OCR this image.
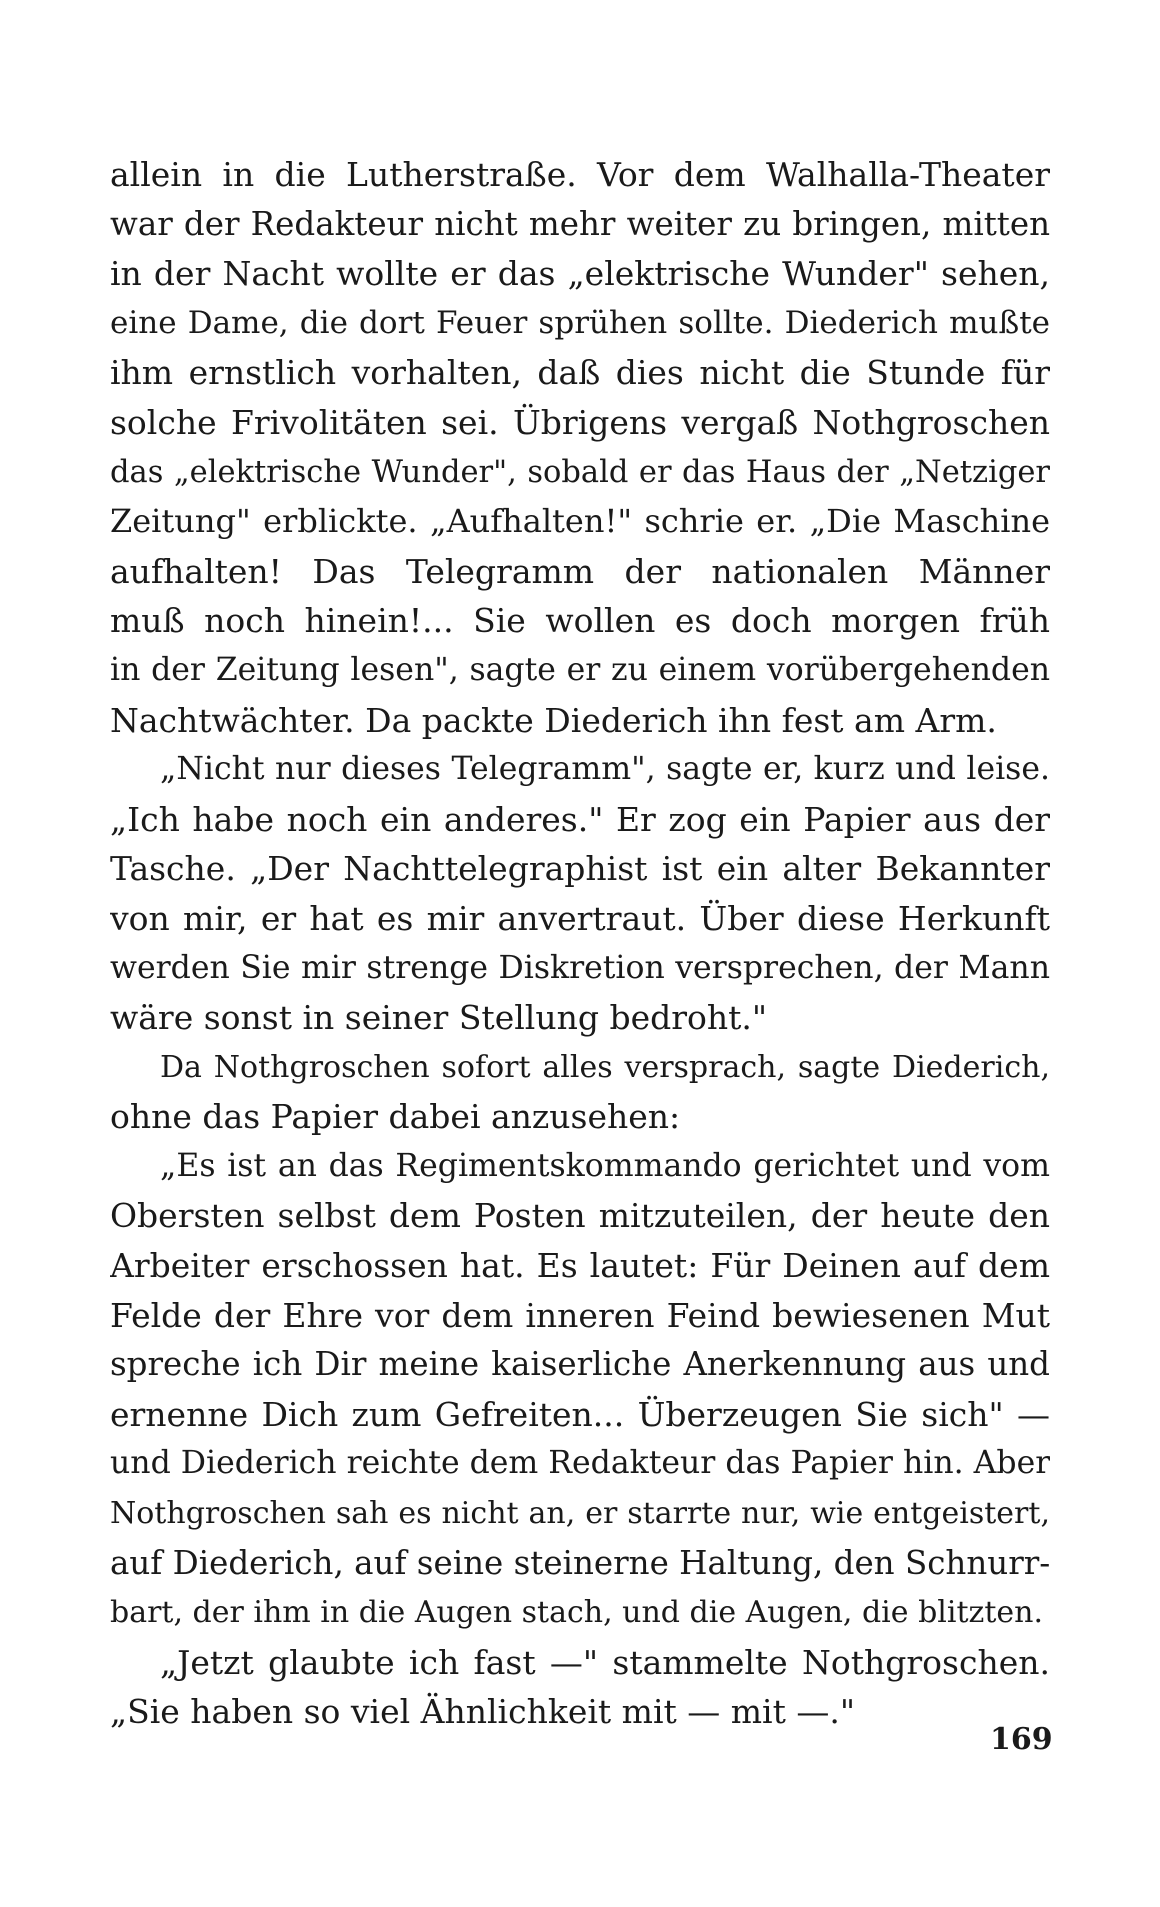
allein in die Lutherstraße. Vor dem Walhalla-Theater
war der Redakteur nicht mehr weiter zu bringen, mitten
in der Nacht wollte er das „elektrische Wunder" sehen,
eine Dame, die dort Feuer sprühen sollte. Diederich mußte
ihm ernstlich vorhalten, daß dies nicht die Stunde für
solche Frivolitäten sei. Übrigens vergaß Nothgroschen
das „elektrische Wunder", sobald er das Haus der „Netziger
Zeitung" erblickte. „Aufhalten!" schrie er. „Die Maschine
aufhalten! Das Telegramm der nationalen Männer
muß noch hinein!... Sie wollen es doch morgen früh
in der Zeitung lesen", sagte er zu einem vorübergehenden
Nachtwächter. Da packte Diederich ihn fest am Arm.
„Nicht nur dieses Telegramm", sagte er, kurz und leise.
„Ich habe noch ein anderes." Er zog ein Papier aus der
Tasche. „Der Nachttelegraphist ist ein alter Bekannter
von mir, er hat es mir anvertraut. Über diese Herkunft
werden Sie mir strenge Diskretion versprechen, der Mann
wäre sonst in seiner Stellung bedroht."
Da Nothgroschen sofort alles versprach, sagte Diederich,
ohne das Papier dabei anzusehen:
„Es ist an das Regimentskommando gerichtet und vom
Obersten selbst dem Posten mitzuteilen, der heute den
Arbeiter erschossen hat. Es lautet: Für Deinen auf dem
Felde der Ehre vor dem inneren Feind bewiesenen Mut
spreche ich Dir meine kaiserliche Anerkennung aus und
ernenne Dich zum Gefreiten... Überzeugen Sie sich" —
und Diederich reichte dem Redakteur das Papier hin. Aber
Nothgroschen sah es nicht an, er starrte nur, wie entgeistert,
auf Diederich, auf seine steinerne Haltung, den Schnurr-
bart, der ihm in die Augen stach, und die Augen, die blitzten.
„Jetzt glaubte ich fast —" stammelte Nothgroschen.
„Sie haben so viel Ähnlichkeit mit — mit —."
169
